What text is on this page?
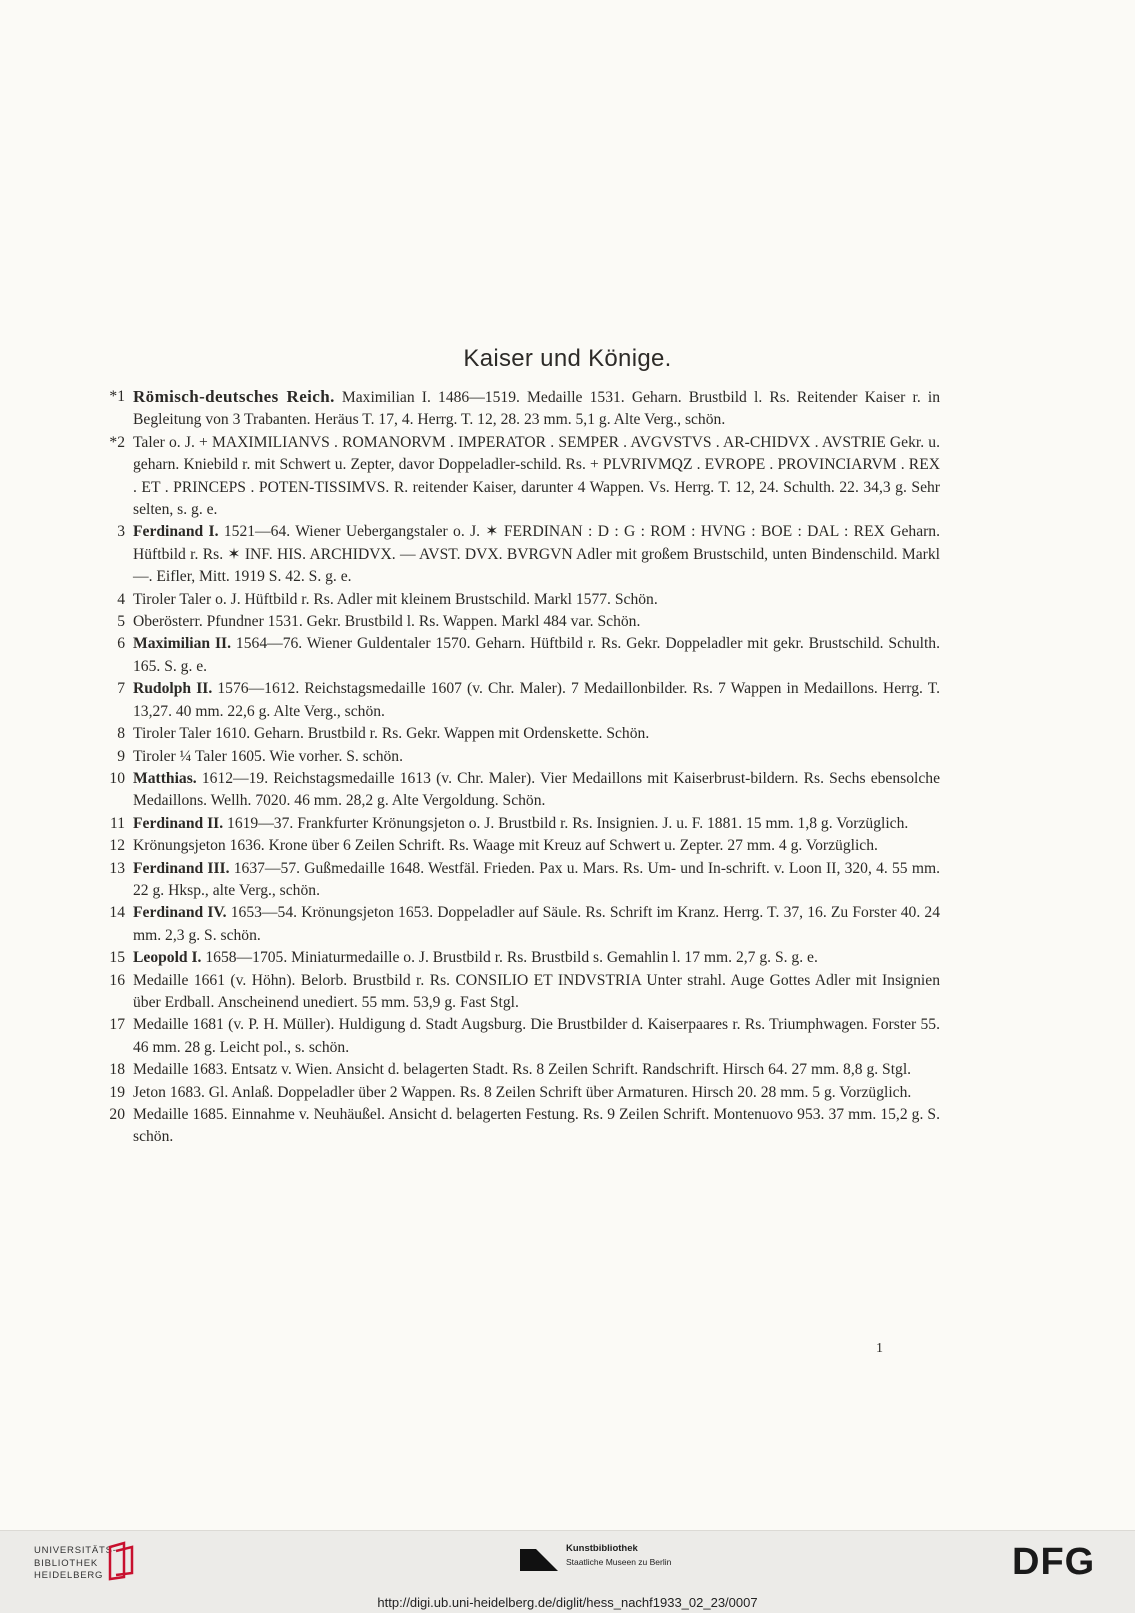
Kaiser und Könige.
*1 Römisch-deutsches Reich. Maximilian I. 1486—1519. Medaille 1531. Geharn. Brustbild l. Rs. Reitender Kaiser r. in Begleitung von 3 Trabanten. Heräus T. 17, 4. Herrg. T. 12, 28. 23 mm. 5,1 g. Alte Verg., schön.
*2 Taler o. J. + MAXIMILIANVS . ROMANORVM . IMPERATOR . SEMPER . AVGVSTVS . AR-CHIDVX . AVSTRIE Gekr. u. geharn. Kniebild r. mit Schwert u. Zepter, davor Doppeladler-schild. Rs. + PLVRIVMQZ . EVROPE . PROVINCIARVM . REX . ET . PRINCEPS . POTEN-TISSIMVS. R. reitender Kaiser, darunter 4 Wappen. Vs. Herrg. T. 12, 24. Schulth. 22. 34,3 g. Sehr selten, s. g. e.
3 Ferdinand I. 1521—64. Wiener Uebergangstaler o. J. ✶ FERDINAN : D : G : ROM : HVNG : BOE : DAL : REX Geharn. Hüftbild r. Rs. ✶ INF. HIS. ARCHIDVX. — AVST. DVX. BVRGVN Adler mit großem Brustschild, unten Bindenschild. Markl —. Eifler, Mitt. 1919 S. 42. S. g. e.
4 Tiroler Taler o. J. Hüftbild r. Rs. Adler mit kleinem Brustschild. Markl 1577. Schön.
5 Oberösterr. Pfundner 1531. Gekr. Brustbild l. Rs. Wappen. Markl 484 var. Schön.
6 Maximilian II. 1564—76. Wiener Guldentaler 1570. Geharn. Hüftbild r. Rs. Gekr. Doppeladler mit gekr. Brustschild. Schulth. 165. S. g. e.
7 Rudolph II. 1576—1612. Reichstagsmedaille 1607 (v. Chr. Maler). 7 Medaillonbilder. Rs. 7 Wappen in Medaillons. Herrg. T. 13,27. 40 mm. 22,6 g. Alte Verg., schön.
8 Tiroler Taler 1610. Geharn. Brustbild r. Rs. Gekr. Wappen mit Ordenskette. Schön.
9 Tiroler ¼ Taler 1605. Wie vorher. S. schön.
10 Matthias. 1612—19. Reichstagsmedaille 1613 (v. Chr. Maler). Vier Medaillons mit Kaiserbrust-bildern. Rs. Sechs ebensolche Medaillons. Wellh. 7020. 46 mm. 28,2 g. Alte Vergoldung. Schön.
11 Ferdinand II. 1619—37. Frankfurter Krönungsjeton o. J. Brustbild r. Rs. Insignien. J. u. F. 1881. 15 mm. 1,8 g. Vorzüglich.
12 Krönungsjeton 1636. Krone über 6 Zeilen Schrift. Rs. Waage mit Kreuz auf Schwert u. Zepter. 27 mm. 4 g. Vorzüglich.
13 Ferdinand III. 1637—57. Gußmedaille 1648. Westfäl. Frieden. Pax u. Mars. Rs. Um- und In-schrift. v. Loon II, 320, 4. 55 mm. 22 g. Hksp., alte Verg., schön.
14 Ferdinand IV. 1653—54. Krönungsjeton 1653. Doppeladler auf Säule. Rs. Schrift im Kranz. Herrg. T. 37, 16. Zu Forster 40. 24 mm. 2,3 g. S. schön.
15 Leopold I. 1658—1705. Miniaturmedaille o. J. Brustbild r. Rs. Brustbild s. Gemahlin l. 17 mm. 2,7 g. S. g. e.
16 Medaille 1661 (v. Höhn). Belorb. Brustbild r. Rs. CONSILIO ET INDVSTRIA Unter strahl. Auge Gottes Adler mit Insignien über Erdball. Anscheinend unediert. 55 mm. 53,9 g. Fast Stgl.
17 Medaille 1681 (v. P. H. Müller). Huldigung d. Stadt Augsburg. Die Brustbilder d. Kaiserpaares r. Rs. Triumphwagen. Forster 55. 46 mm. 28 g. Leicht pol., s. schön.
18 Medaille 1683. Entsatz v. Wien. Ansicht d. belagerten Stadt. Rs. 8 Zeilen Schrift. Randschrift. Hirsch 64. 27 mm. 8,8 g. Stgl.
19 Jeton 1683. Gl. Anlaß. Doppeladler über 2 Wappen. Rs. 8 Zeilen Schrift über Armaturen. Hirsch 20. 28 mm. 5 g. Vorzüglich.
20 Medaille 1685. Einnahme v. Neuhäußel. Ansicht d. belagerten Festung. Rs. 9 Zeilen Schrift. Montenuovo 953. 37 mm. 15,2 g. S. schön.
1
UNIVERSITÄTS-
BIBLIOTHEK
HEIDELBERG
Kunstbibliothek
Staatliche Museen zu Berlin	DFG
http://digi.ub.uni-heidelberg.de/diglit/hess_nachf1933_02_23/0007
